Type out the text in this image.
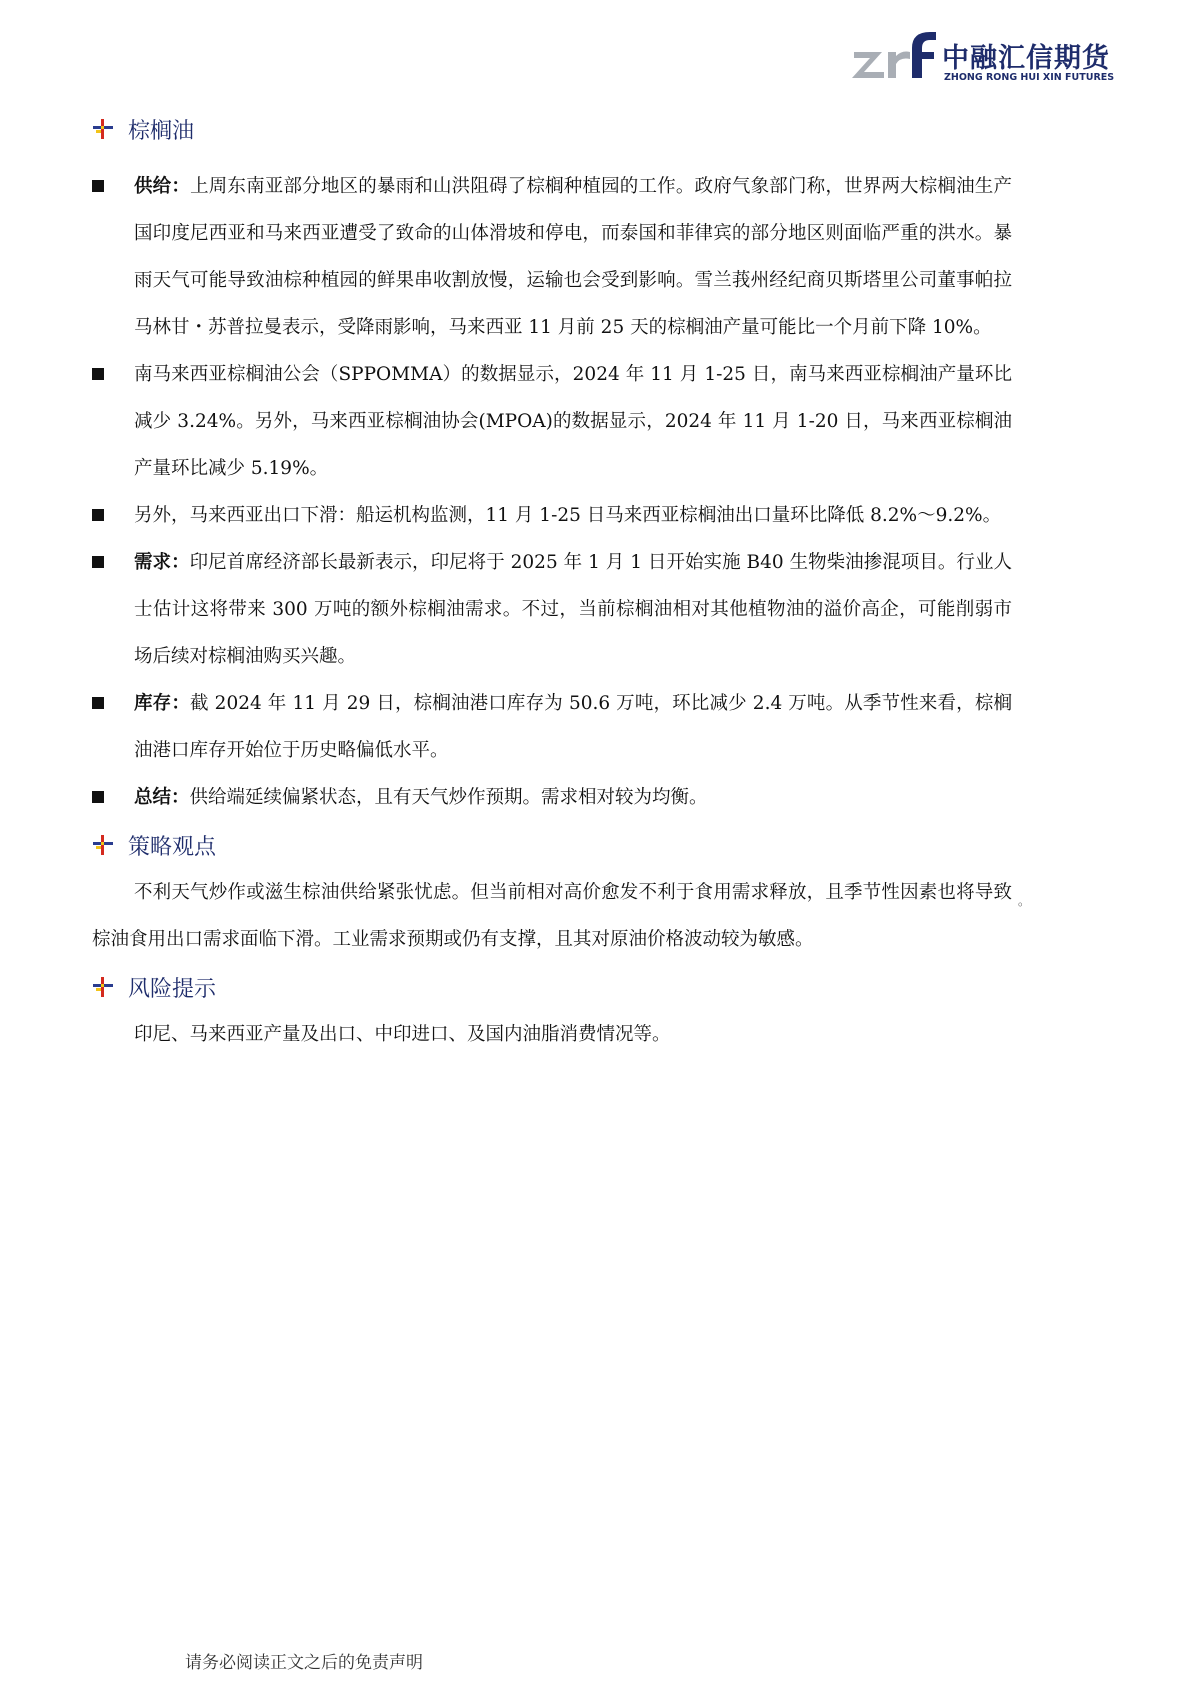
中融汇信期货
ZHONG RONG HUI XIN FUTURES
棕榈油
供给：上周东南亚部分地区的暴雨和山洪阻碍了棕榈种植园的工作。政府气象部门称，世界两大棕榈油生产国印度尼西亚和马来西亚遭受了致命的山体滑坡和停电，而泰国和菲律宾的部分地区则面临严重的洪水。暴雨天气可能导致油棕种植园的鲜果串收割放慢，运输也会受到影响。雪兰莪州经纪商贝斯塔里公司董事帕拉马林甘・苏普拉曼表示，受降雨影响，马来西亚 11 月前 25 天的棕榈油产量可能比一个月前下降 10%。
南马来西亚棕榈油公会（SPPOMMA）的数据显示，2024 年 11 月 1-25 日，南马来西亚棕榈油产量环比减少 3.24%。另外，马来西亚棕榈油协会(MPOA)的数据显示，2024 年 11 月 1-20 日，马来西亚棕榈油产量环比减少 5.19%。
另外，马来西亚出口下滑：船运机构监测，11 月 1-25 日马来西亚棕榈油出口量环比降低 8.2%～9.2%。
需求：印尼首席经济部长最新表示，印尼将于 2025 年 1 月 1 日开始实施 B40 生物柴油掺混项目。行业人士估计这将带来 300 万吨的额外棕榈油需求。不过，当前棕榈油相对其他植物油的溢价高企，可能削弱市场后续对棕榈油购买兴趣。
库存：截 2024 年 11 月 29 日，棕榈油港口库存为 50.6 万吨，环比减少 2.4 万吨。从季节性来看，棕榈油港口库存开始位于历史略偏低水平。
总结：供给端延续偏紧状态，且有天气炒作预期。需求相对较为均衡。
策略观点

不利天气炒作或滋生棕油供给紧张忧虑。但当前相对高价愈发不利于食用需求释放，且季节性因素也将导致棕油食用出口需求面临下滑。工业需求预期或仍有支撑，且其对原油价格波动较为敏感。

风险提示

印尼、马来西亚产量及出口、中印进口、及国内油脂消费情况等。

。
请务必阅读正文之后的免责声明
